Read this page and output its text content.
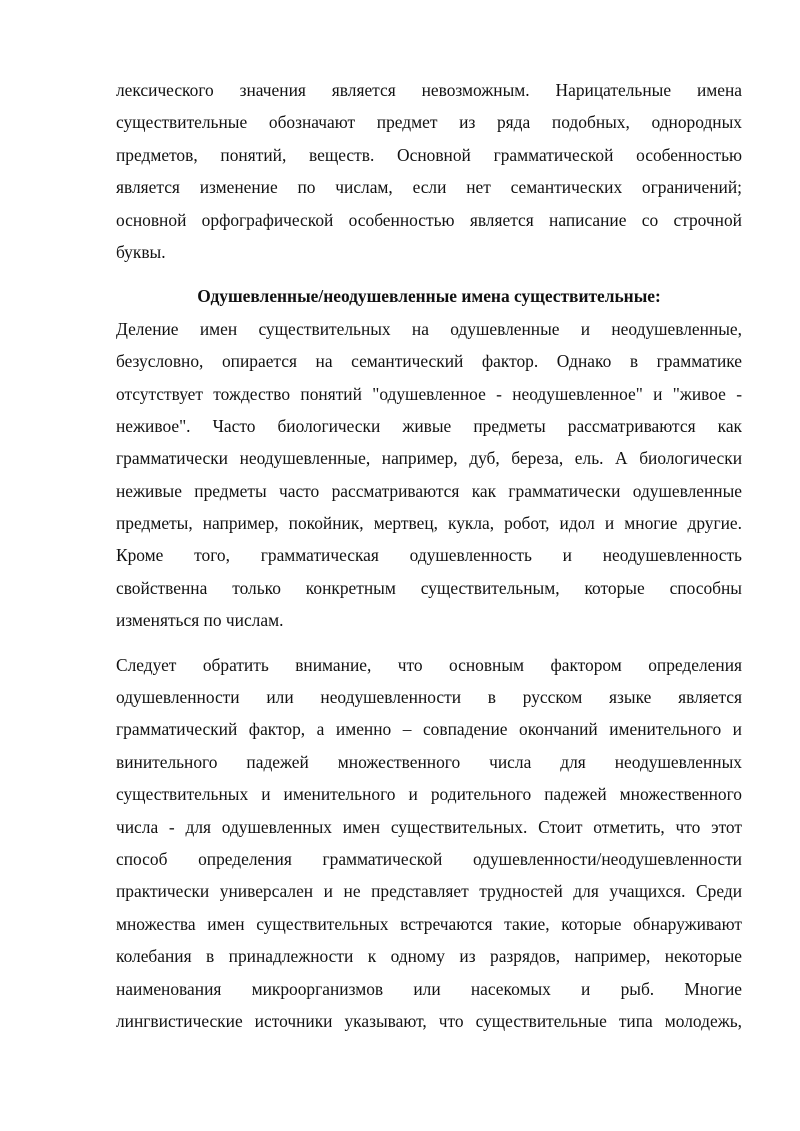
лексического значения является невозможным. Нарицательные имена
существительные обозначают предмет из ряда подобных, однородных
предметов, понятий, веществ. Основной грамматической особенностью
является изменение по числам, если нет семантических ограничений;
основной орфографической особенностью является написание со строчной
буквы.
Одушевленные/неодушевленные имена существительные:
Деление имен существительных на одушевленные и неодушевленные,
безусловно, опирается на семантический фактор. Однако в грамматике
отсутствует тождество понятий "одушевленное - неодушевленное" и "живое -
неживое". Часто биологически живые предметы рассматриваются как
грамматически неодушевленные, например, дуб, береза, ель. А биологически
неживые предметы часто рассматриваются как грамматически одушевленные
предметы, например, покойник, мертвец, кукла, робот, идол и многие другие.
Кроме того, грамматическая одушевленность и неодушевленность
свойственна только конкретным существительным, которые способны
изменяться по числам.
Следует обратить внимание, что основным фактором определения
одушевленности или неодушевленности в русском языке является
грамматический фактор, а именно – совпадение окончаний именительного и
винительного падежей множественного числа для неодушевленных
существительных и именительного и родительного падежей множественного
числа - для одушевленных имен существительных. Стоит отметить, что этот
способ определения грамматической одушевленности/неодушевленности
практически универсален и не представляет трудностей для учащихся. Среди
множества имен существительных встречаются такие, которые обнаруживают
колебания в принадлежности к одному из разрядов, например, некоторые
наименования микроорганизмов или насекомых и рыб. Многие
лингвистические источники указывают, что существительные типа молодежь,
